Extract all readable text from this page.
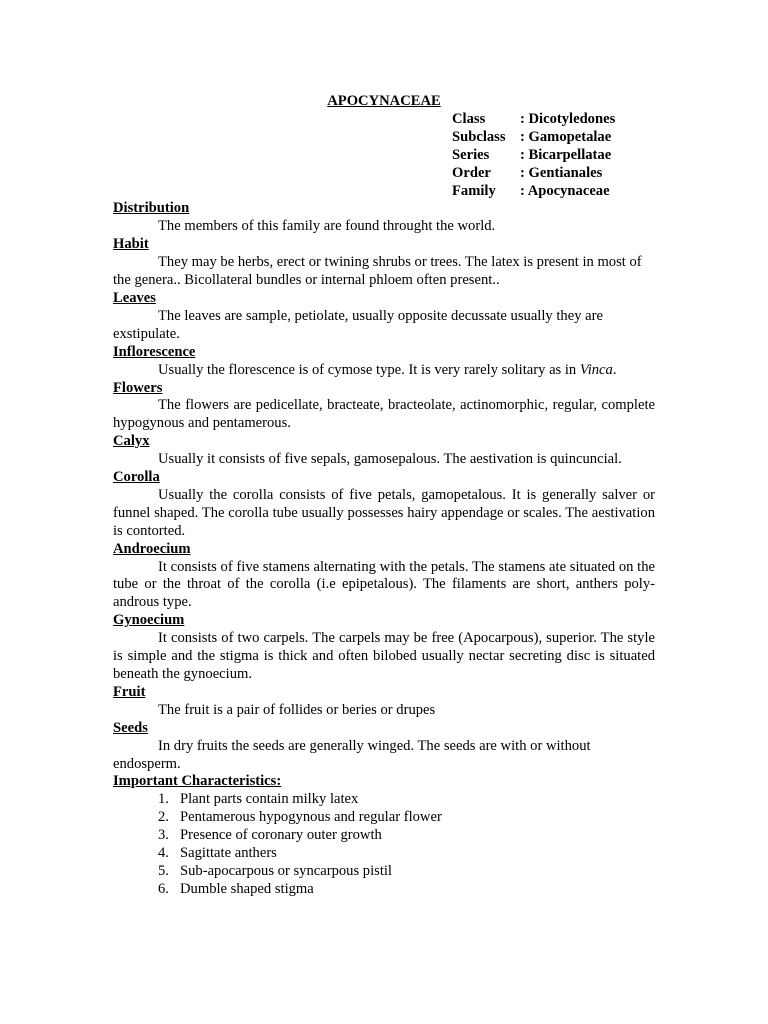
APOCYNACEAE
Class	: Dicotyledones
Subclass : Gamopetalae
Series	: Bicarpellatae
Order	: Gentianales
Family	: Apocynaceae
Distribution
The members of this family are found throught the world.
Habit
They may be herbs, erect or twining shrubs or trees. The latex is present in most of the genera.. Bicollateral bundles or internal phloem often present..
Leaves
The leaves are sample, petiolate, usually opposite decussate usually they are exstipulate.
Inflorescence
Usually the florescence is of cymose type. It is very rarely solitary as in Vinca.
Flowers
The flowers are pedicellate, bracteate, bracteolate, actinomorphic, regular, complete hypogynous and pentamerous.
Calyx
Usually it consists of five sepals, gamosepalous. The aestivation is quincuncial.
Corolla
Usually the corolla consists of five petals, gamopetalous. It is generally salver or funnel shaped. The corolla tube usually possesses hairy appendage or scales. The aestivation is contorted.
Androecium
It consists of five stamens alternating with the petals. The stamens ate situated on the tube or the throat of the corolla (i.e epipetalous). The filaments are short, anthers poly-androus type.
Gynoecium
It consists of two carpels. The carpels may be free (Apocarpous), superior. The style is simple and the stigma is thick and often bilobed usually nectar secreting disc is situated beneath the gynoecium.
Fruit
The fruit is a pair of follides or beries or drupes
Seeds
In dry fruits the seeds are generally winged. The seeds are with or without endosperm.
Important Characteristics:
1. Plant parts contain milky latex
2. Pentamerous hypogynous and regular flower
3. Presence of coronary outer growth
4. Sagittate anthers
5. Sub-apocarpous or syncarpous pistil
6. Dumble shaped stigma
